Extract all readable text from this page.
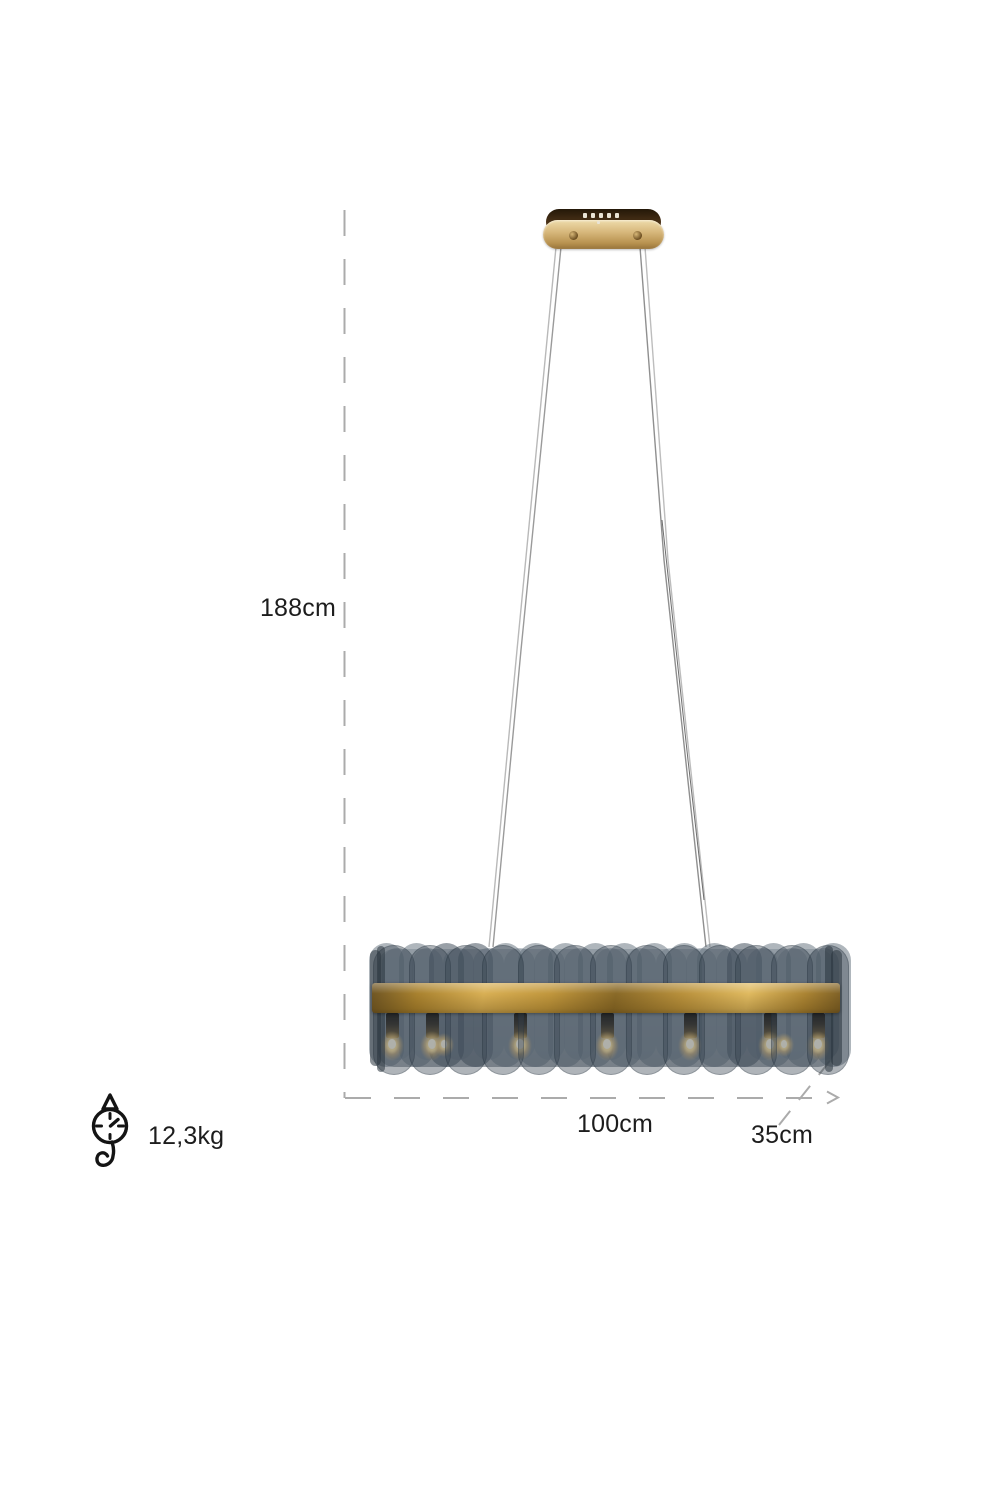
188cm
100cm	35cm
12,3kg
